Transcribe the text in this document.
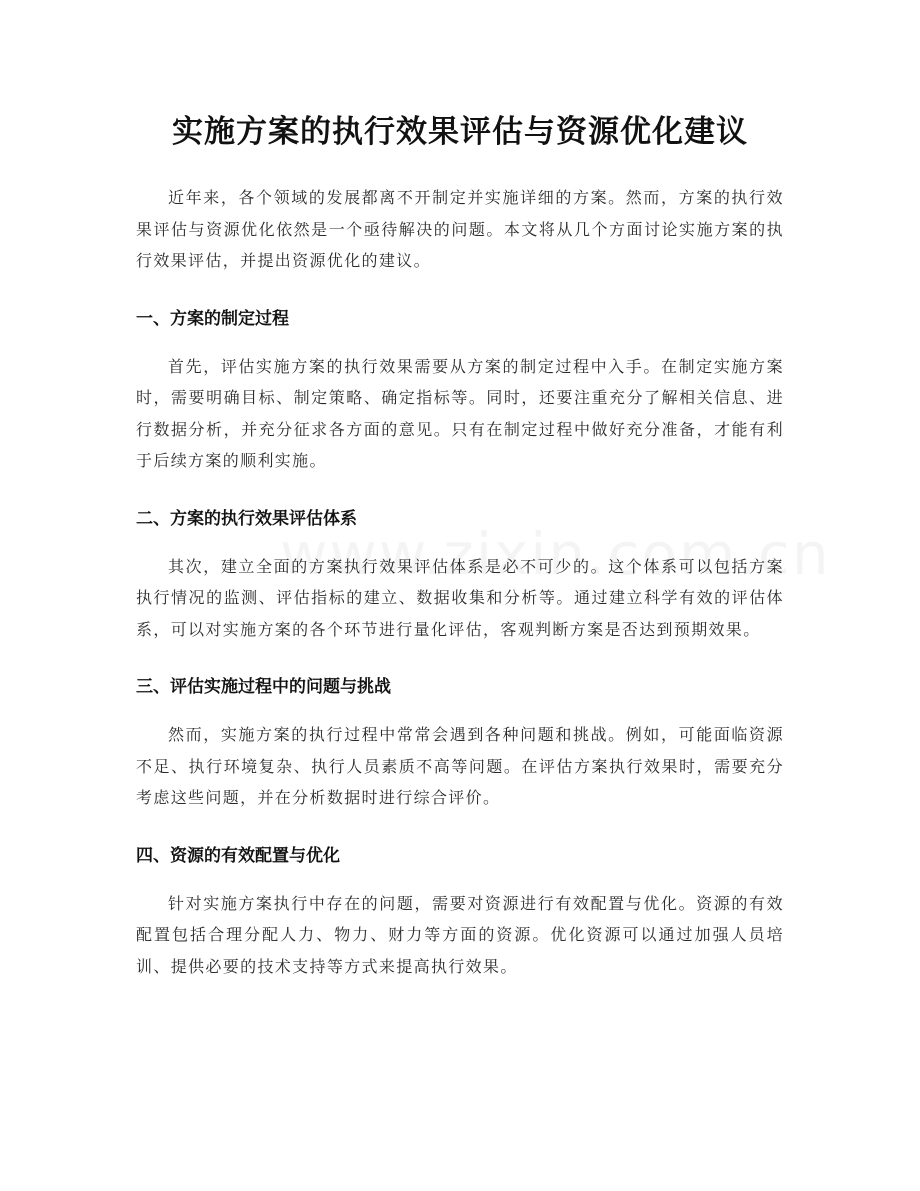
实施方案的执行效果评估与资源优化建议

近年来，各个领域的发展都离不开制定并实施详细的方案。然而，方案的执行效果评估与资源优化依然是一个亟待解决的问题。本文将从几个方面讨论实施方案的执行效果评估，并提出资源优化的建议。

一、方案的制定过程

首先，评估实施方案的执行效果需要从方案的制定过程中入手。在制定实施方案时，需要明确目标、制定策略、确定指标等。同时，还要注重充分了解相关信息、进行数据分析，并充分征求各方面的意见。只有在制定过程中做好充分准备，才能有利于后续方案的顺利实施。

二、方案的执行效果评估体系

其次，建立全面的方案执行效果评估体系是必不可少的。这个体系可以包括方案执行情况的监测、评估指标的建立、数据收集和分析等。通过建立科学有效的评估体系，可以对实施方案的各个环节进行量化评估，客观判断方案是否达到预期效果。

三、评估实施过程中的问题与挑战

然而，实施方案的执行过程中常常会遇到各种问题和挑战。例如，可能面临资源不足、执行环境复杂、执行人员素质不高等问题。在评估方案执行效果时，需要充分考虑这些问题，并在分析数据时进行综合评价。

四、资源的有效配置与优化

针对实施方案执行中存在的问题，需要对资源进行有效配置与优化。资源的有效配置包括合理分配人力、物力、财力等方面的资源。优化资源可以通过加强人员培训、提供必要的技术支持等方式来提高执行效果。
